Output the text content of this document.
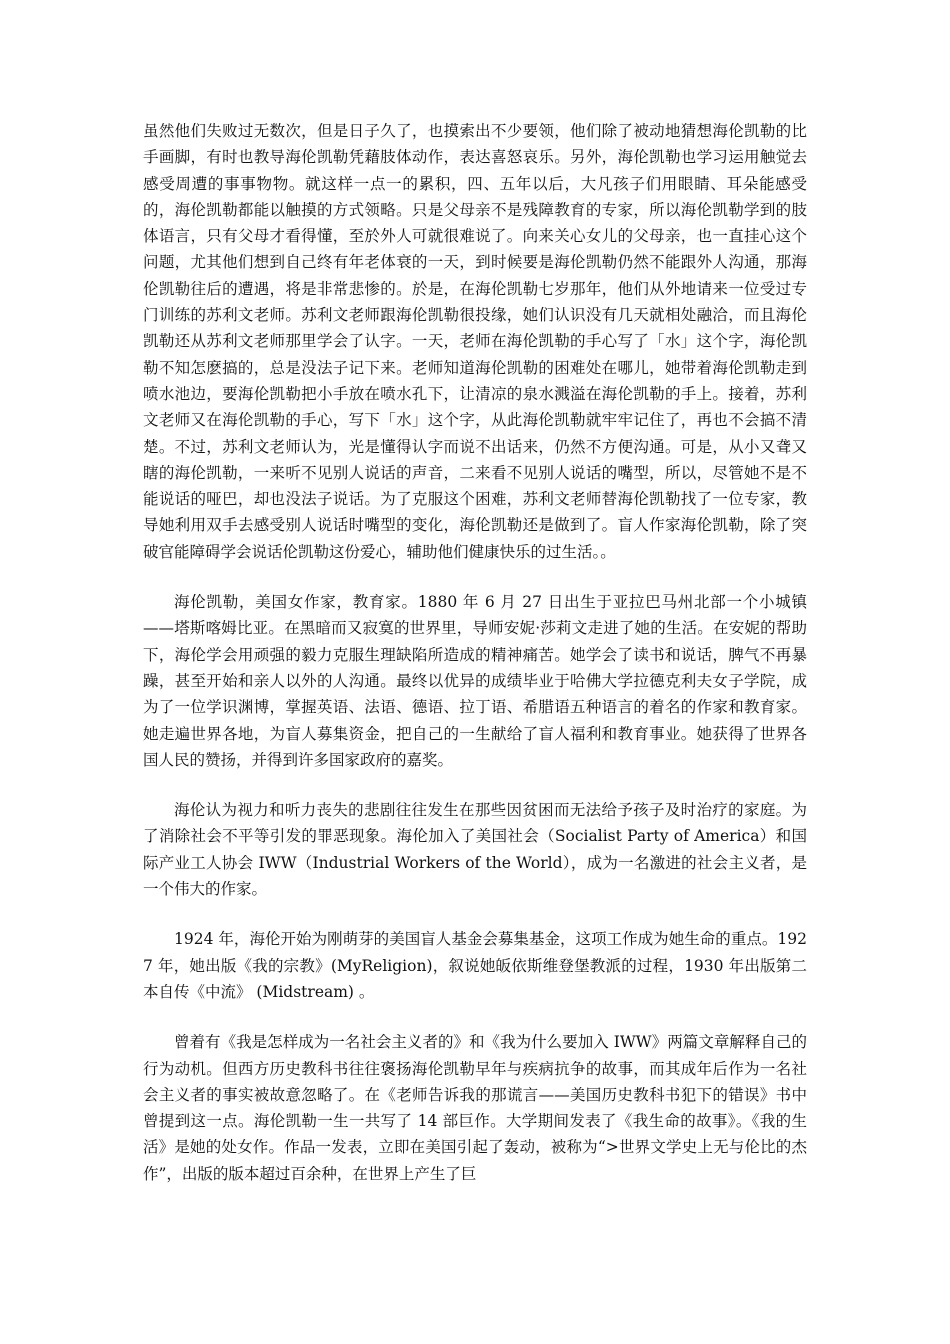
虽然他们失败过无数次，但是日子久了，也摸索出不少要领，他们除了被动地猜想海伦凯勒的比手画脚，有时也教导海伦凯勒凭藉肢体动作，表达喜怒哀乐。另外，海伦凯勒也学习运用触觉去感受周遭的事事物物。就这样一点一的累积，四、五年以后，大凡孩子们用眼睛、耳朵能感受的，海伦凯勒都能以触摸的方式领略。只是父母亲不是残障教育的专家，所以海伦凯勒学到的肢体语言，只有父母才看得懂，至於外人可就很难说了。向来关心女儿的父母亲，也一直挂心这个问题，尤其他们想到自己终有年老体衰的一天，到时候要是海伦凯勒仍然不能跟外人沟通，那海伦凯勒往后的遭遇，将是非常悲惨的。於是，在海伦凯勒七岁那年，他们从外地请来一位受过专门训练的苏利文老师。苏利文老师跟海伦凯勒很投缘，她们认识没有几天就相处融洽，而且海伦凯勒还从苏利文老师那里学会了认字。一天，老师在海伦凯勒的手心写了「水」这个字，海伦凯勒不知怎麽搞的，总是没法子记下来。老师知道海伦凯勒的困难处在哪儿，她带着海伦凯勒走到喷水池边，要海伦凯勒把小手放在喷水孔下，让清凉的泉水溅溢在海伦凯勒的手上。接着，苏利文老师又在海伦凯勒的手心，写下「水」这个字，从此海伦凯勒就牢牢记住了，再也不会搞不清楚。不过，苏利文老师认为，光是懂得认字而说不出话来，仍然不方便沟通。可是，从小又聋又瞎的海伦凯勒，一来听不见别人说话的声音，二来看不见别人说话的嘴型，所以，尽管她不是不能说话的哑巴，却也没法子说话。为了克服这个困难，苏利文老师替海伦凯勒找了一位专家，教导她利用双手去感受别人说话时嘴型的变化，海伦凯勒还是做到了。盲人作家海伦凯勒，除了突破官能障碍学会说话伦凯勒这份爱心，辅助他们健康快乐的过生活。。

海伦凯勒，美国女作家，教育家。1880 年 6 月 27 日出生于亚拉巴马州北部一个小城镇——塔斯喀姆比亚。在黑暗而又寂寞的世界里，导师安妮·莎莉文走进了她的生活。在安妮的帮助下，海伦学会用顽强的毅力克服生理缺陷所造成的精神痛苦。她学会了读书和说话，脾气不再暴躁，甚至开始和亲人以外的人沟通。最终以优异的成绩毕业于哈佛大学拉德克利夫女子学院，成为了一位学识渊博，掌握英语、法语、德语、拉丁语、希腊语五种语言的着名的作家和教育家。她走遍世界各地，为盲人募集资金，把自己的一生献给了盲人福利和教育事业。她获得了世界各国人民的赞扬，并得到许多国家政府的嘉奖。

海伦认为视力和听力丧失的悲剧往往发生在那些因贫困而无法给予孩子及时治疗的家庭。为了消除社会不平等引发的罪恶现象。海伦加入了美国社会（Socialist Party of America）和国际产业工人协会 IWW（Industrial Workers of the World），成为一名激进的社会主义者，是一个伟大的作家。

1924 年，海伦开始为刚萌芽的美国盲人基金会募集基金，这项工作成为她生命的重点。1927 年，她出版《我的宗教》(MyReligion)，叙说她皈依斯维登堡教派的过程，1930 年出版第二本自传《中流》 (Midstream) 。

曾着有《我是怎样成为一名社会主义者的》和《我为什么要加入 IWW》两篇文章解释自己的行为动机。但西方历史教科书往往褒扬海伦凯勒早年与疾病抗争的故事，而其成年后作为一名社会主义者的事实被故意忽略了。在《老师告诉我的那谎言——美国历史教科书犯下的错误》书中曾提到这一点。海伦凯勒一生一共写了 14 部巨作。大学期间发表了《我生命的故事》。《我的生活》是她的处女作。作品一发表，立即在美国引起了轰动，被称为“>世界文学史上无与伦比的杰作”，出版的版本超过百余种，在世界上产生了巨
